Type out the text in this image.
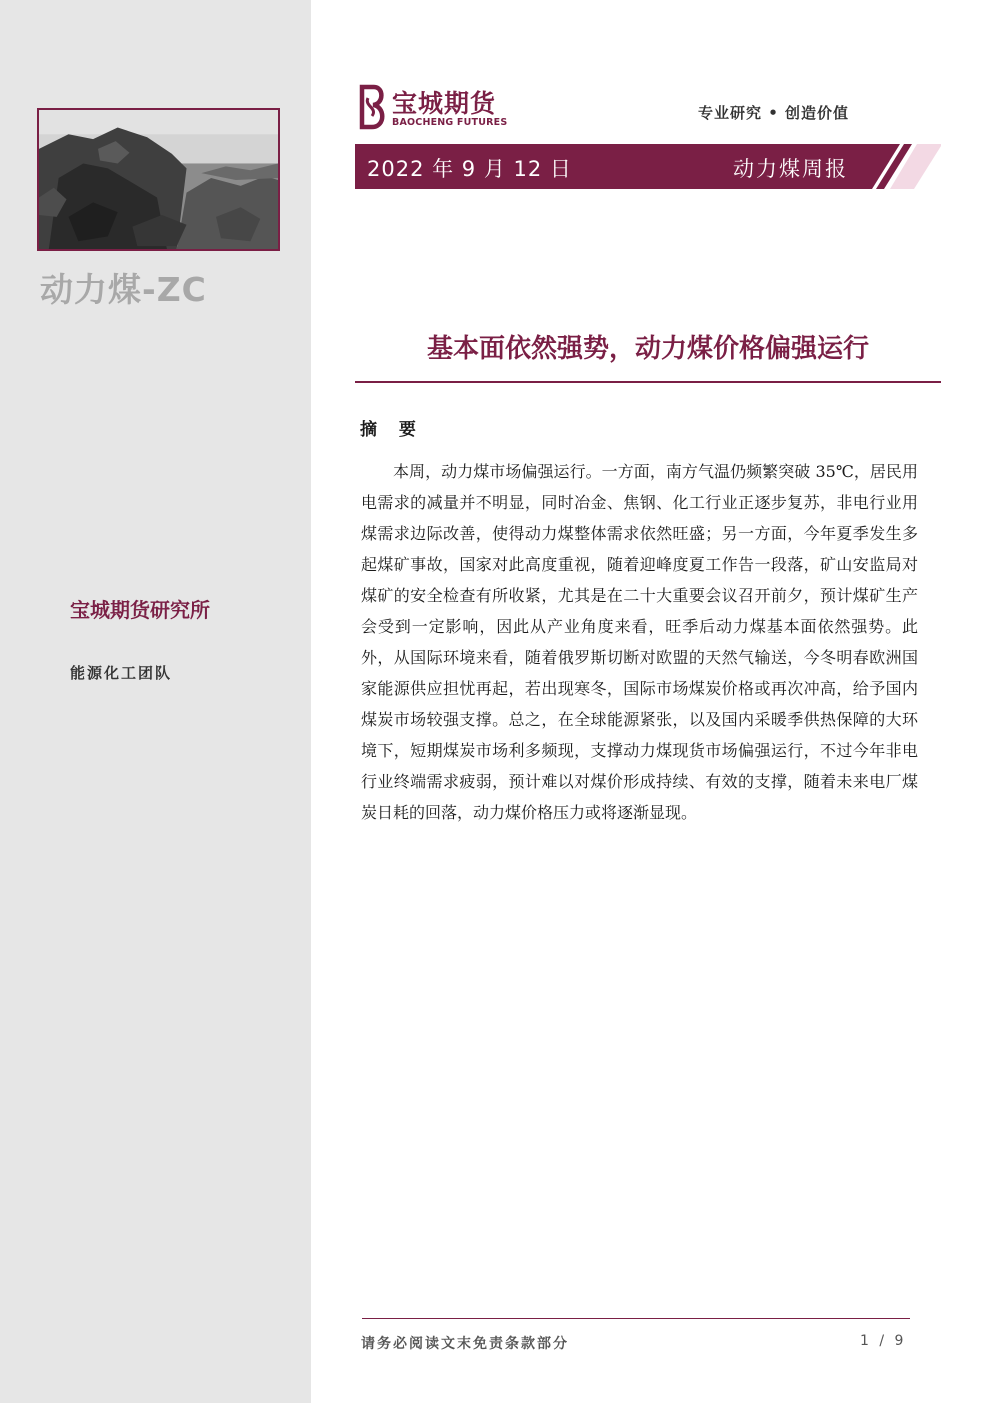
动力煤-ZC
宝城期货研究所
能源化工团队
宝城期货
BAOCHENG FUTURES
专业研究 • 创造价值
2022 年 9 月 12 日	动力煤周报
基本面依然强势，动力煤价格偏强运行
摘 要
本周，动力煤市场偏强运行。一方面，南方气温仍频繁突破 35℃，居民用电需求的减量并不明显，同时冶金、焦钢、化工行业正逐步复苏，非电行业用煤需求边际改善，使得动力煤整体需求依然旺盛；另一方面，今年夏季发生多起煤矿事故，国家对此高度重视，随着迎峰度夏工作告一段落，矿山安监局对煤矿的安全检查有所收紧，尤其是在二十大重要会议召开前夕，预计煤矿生产会受到一定影响，因此从产业角度来看，旺季后动力煤基本面依然强势。此外，从国际环境来看，随着俄罗斯切断对欧盟的天然气输送，今冬明春欧洲国家能源供应担忧再起，若出现寒冬，国际市场煤炭价格或再次冲高，给予国内煤炭市场较强支撑。总之，在全球能源紧张，以及国内采暖季供热保障的大环境下，短期煤炭市场利多频现，支撑动力煤现货市场偏强运行，不过今年非电行业终端需求疲弱，预计难以对煤价形成持续、有效的支撑，随着未来电厂煤炭日耗的回落，动力煤价格压力或将逐渐显现。
请务必阅读文末免责条款部分	1 / 9
